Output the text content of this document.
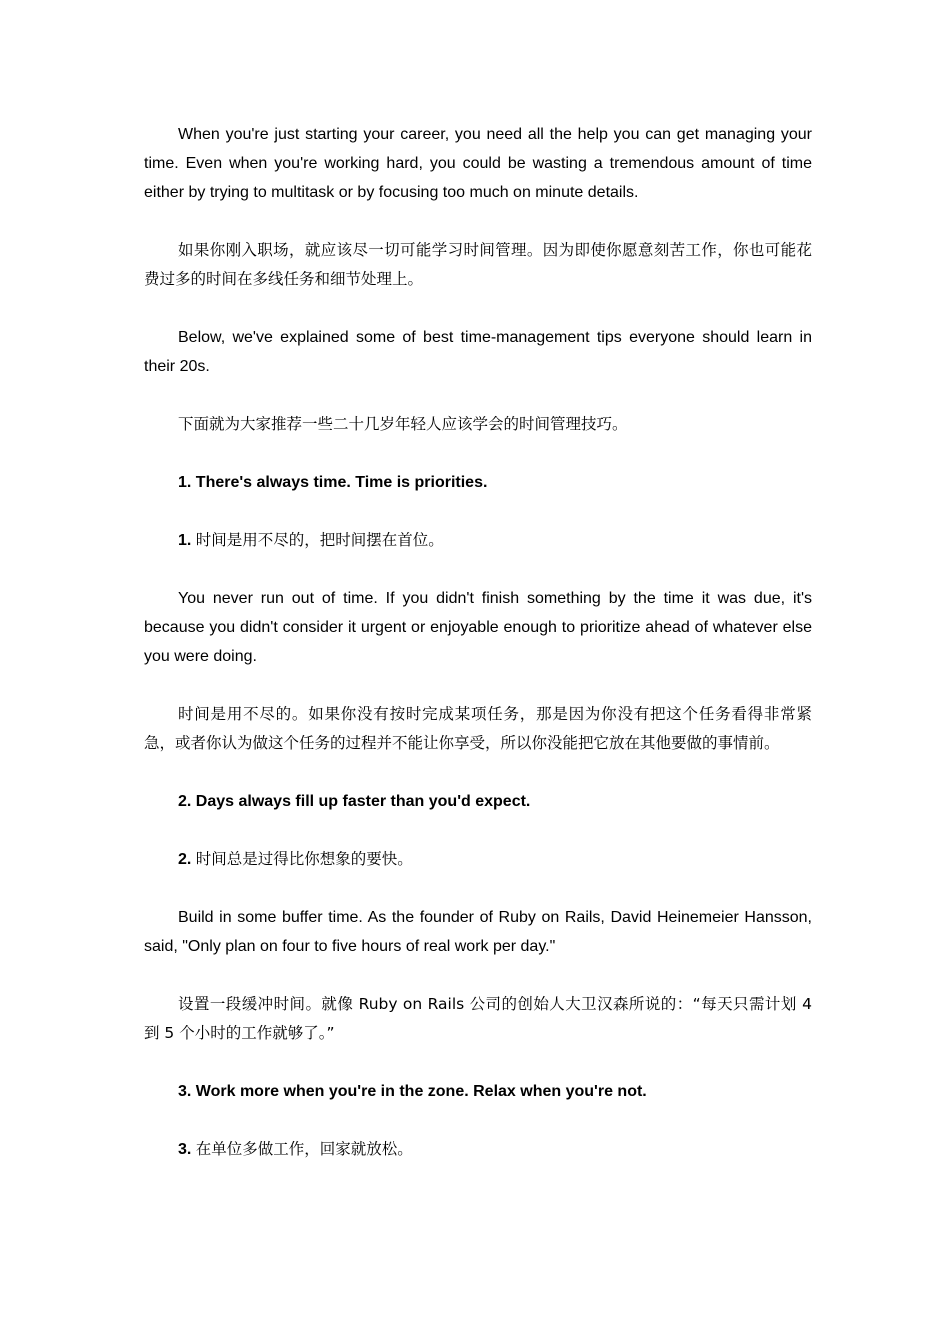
When you're just starting your career, you need all the help you can get managing your time. Even when you're working hard, you could be wasting a tremendous amount of time either by trying to multitask or by focusing too much on minute details.

如果你刚入职场，就应该尽一切可能学习时间管理。因为即使你愿意刻苦工作，你也可能花费过多的时间在多线任务和细节处理上。

Below, we've explained some of best time-management tips everyone should learn in their 20s.

下面就为大家推荐一些二十几岁年轻人应该学会的时间管理技巧。

1. There's always time. Time is priorities.

1. 时间是用不尽的，把时间摆在首位。

You never run out of time. If you didn't finish something by the time it was due, it's because you didn't consider it urgent or enjoyable enough to prioritize ahead of whatever else you were doing.

时间是用不尽的。如果你没有按时完成某项任务，那是因为你没有把这个任务看得非常紧急，或者你认为做这个任务的过程并不能让你享受，所以你没能把它放在其他要做的事情前。

2. Days always fill up faster than you'd expect.

2. 时间总是过得比你想象的要快。

Build in some buffer time. As the founder of Ruby on Rails, David Heinemeier Hansson, said, "Only plan on four to five hours of real work per day."

设置一段缓冲时间。就像 Ruby on Rails 公司的创始人大卫汉森所说的：“每天只需计划 4 到 5 个小时的工作就够了。”

3. Work more when you're in the zone. Relax when you're not.

3. 在单位多做工作，回家就放松。
